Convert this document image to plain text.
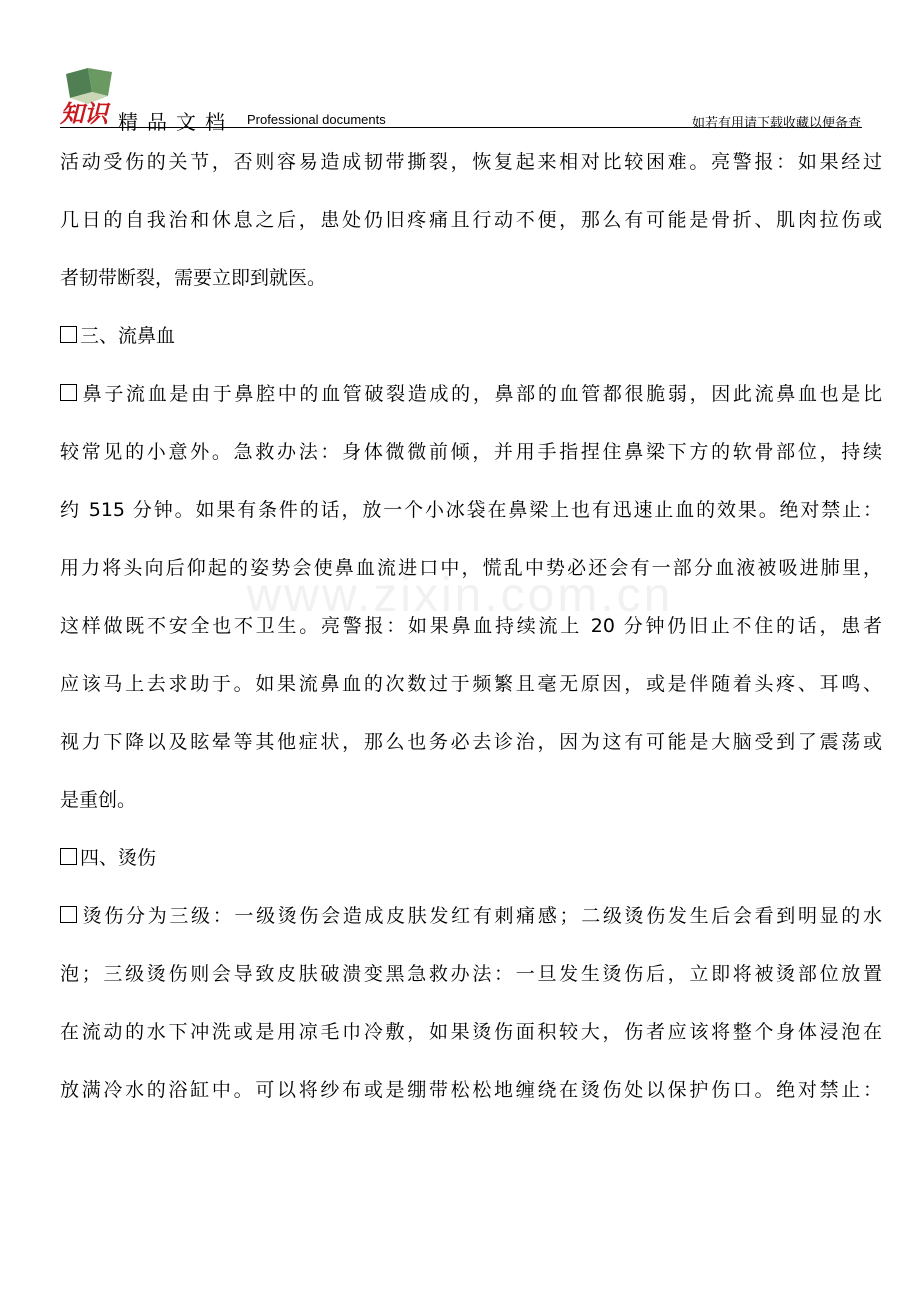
知识 精品文档 Professional documents	如若有用请下载收藏以便备查
www.zixin.com.cn
活动受伤的关节，否则容易造成韧带撕裂，恢复起来相对比较困难。亮警报：如果经过
几日的自我治和休息之后，患处仍旧疼痛且行动不便，那么有可能是骨折、肌肉拉伤或
者韧带断裂，需要立即到就医。
三、流鼻血
鼻子流血是由于鼻腔中的血管破裂造成的，鼻部的血管都很脆弱，因此流鼻血也是比
较常见的小意外。急救办法：身体微微前倾，并用手指捏住鼻梁下方的软骨部位，持续
约 515 分钟。如果有条件的话，放一个小冰袋在鼻梁上也有迅速止血的效果。绝对禁止：
用力将头向后仰起的姿势会使鼻血流进口中，慌乱中势必还会有一部分血液被吸进肺里，
这样做既不安全也不卫生。亮警报：如果鼻血持续流上 20 分钟仍旧止不住的话，患者
应该马上去求助于。如果流鼻血的次数过于频繁且毫无原因，或是伴随着头疼、耳鸣、
视力下降以及眩晕等其他症状，那么也务必去诊治，因为这有可能是大脑受到了震荡或
是重创。
四、烫伤
烫伤分为三级：一级烫伤会造成皮肤发红有刺痛感；二级烫伤发生后会看到明显的水
泡；三级烫伤则会导致皮肤破溃变黑急救办法：一旦发生烫伤后，立即将被烫部位放置
在流动的水下冲洗或是用凉毛巾冷敷，如果烫伤面积较大，伤者应该将整个身体浸泡在
放满冷水的浴缸中。可以将纱布或是绷带松松地缠绕在烫伤处以保护伤口。绝对禁止：
